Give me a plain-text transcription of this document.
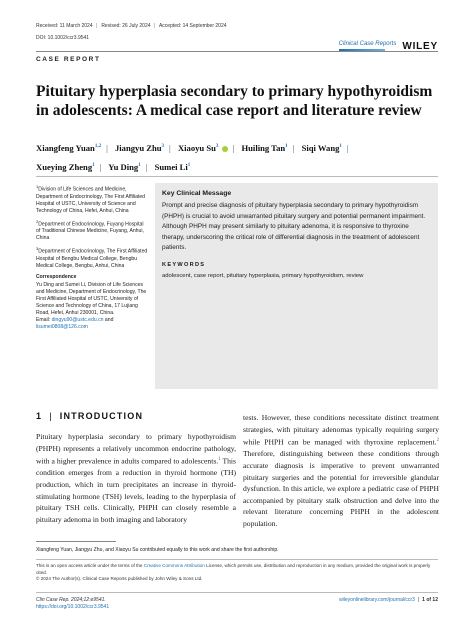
Received: 11 March 2024 | Revised: 26 July 2024 | Accepted: 14 September 2024
DOI: 10.1002/ccr3.9541
Clinical Case Reports WILEY
CASE REPORT
Pituitary hyperplasia secondary to primary hypothyroidism in adolescents: A medical case report and literature review
Xiangfeng Yuan$^{1,2}$ | Jiangyu Zhu$^3$ | Xiaoyu Su$^3$ | Huiling Tan$^1$ | Siqi Wang$^1$ |
Xueying Zheng$^1$ | Yu Ding$^1$ | Sumei Li$^1$

$^1$Division of Life Sciences and Medicine, Department of Endocrinology, The First Affiliated Hospital of USTC, University of Science and Technology of China, Hefei, Anhui, China

$^2$Department of Endocrinology, Fuyang Hospital of Traditional Chinese Medicine, Fuyang, Anhui, China

$^3$Department of Endocrinology, The First Affiliated Hospital of Bengbu Medical College, Bengbu Medical College, Bengbu, Anhui, China

Correspondence

Yu Ding and Sumei Li, Division of Life Sciences and Medicine, Department of Endocrinology, The First Affiliated Hospital of USTC, University of Science and Technology of China, 17 Lujiang Road, Hefei, Anhui 230001, China.
Email: dingyu90@ustc.edu.cn and
lisumei0808@126.com

Key Clinical Message
Prompt and precise diagnosis of pituitary hyperplasia secondary to primary hypothyroidism (PHPH) is crucial to avoid unwarranted pituitary surgery and potential permanent impairment. Although PHPH may present similarly to pituitary adenoma, it is responsive to thyroxine therapy, underscoring the critical role of differential diagnosis in the treatment of adolescent patients.
KEYWORDS
adolescent, case report, pituitary hyperplasia, primary hypothyroidism, review
1 | INTRODUCTION
Pituitary hyperplasia secondary to primary hypothyroidism (PHPH) represents a relatively uncommon endocrine pathology, with a higher prevalence in adults compared to adolescents.$^1$ This condition emerges from a reduction in thyroid hormone (TH) production, which in turn precipitates an increase in thyroid-stimulating hormone (TSH) levels, leading to the hyperplasia of pituitary TSH cells. Clinically, PHPH can closely resemble a pituitary adenoma in both imaging and laboratory
tests. However, these conditions necessitate distinct treatment strategies, with pituitary adenomas typically requiring surgery while PHPH can be managed with thyroxine replacement.$^2$ Therefore, distinguishing between these conditions through accurate diagnosis is imperative to prevent unwarranted pituitary surgeries and the potential for irreversible glandular dysfunction. In this article, we explore a pediatric case of PHPH accompanied by pituitary stalk obstruction and delve into the relevant literature concerning PHPH in the adolescent population.
Xiangfeng Yuan, Jiangyu Zhu, and Xiaoyu Su contributed equally to this work and share the first authorship.
This is an open access article under the terms of the Creative Commons Attribution License, which permits use, distribution and reproduction in any medium, provided the original work is properly cited.
© 2024 The Author(s). Clinical Case Reports published by John Wiley & Sons Ltd.
Clin Case Rep. 2024;12:e9541.
https://doi.org/10.1002/ccr3.9541
wileyonlinelibrary.com/journal/ccr3 | 1 of 12
